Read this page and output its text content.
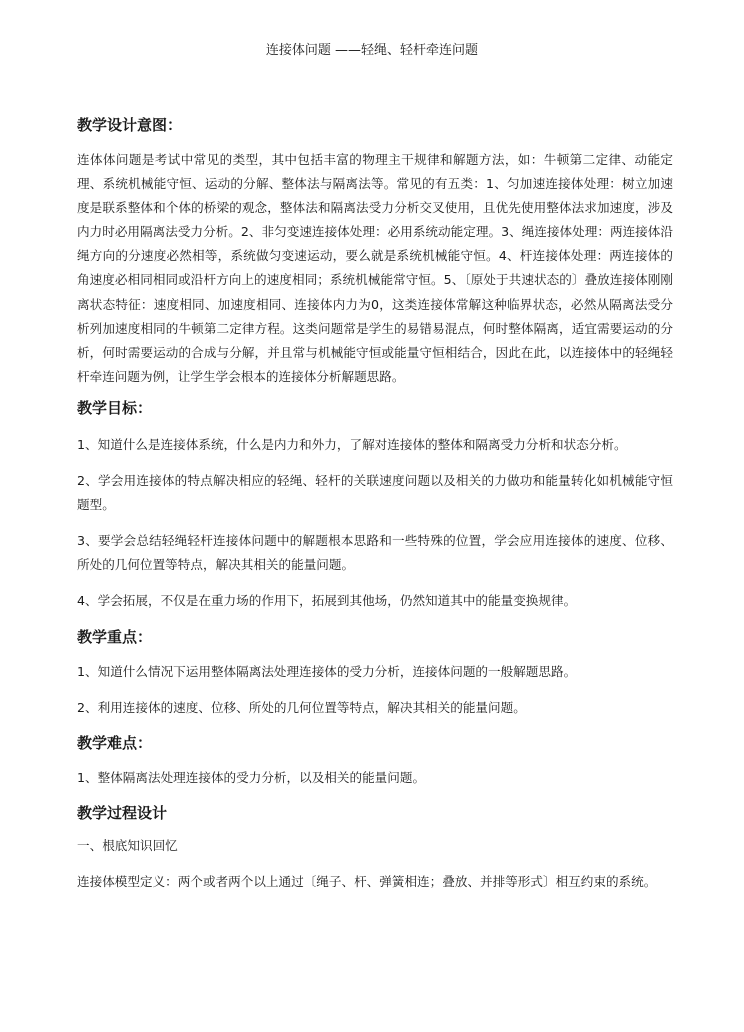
连接体问题 ——轻绳、轻杆牵连问题
教学设计意图：

连体体问题是考试中常见的类型，其中包括丰富的物理主干规律和解题方法，如：牛顿第二定律、动能定理、系统机械能守恒、运动的分解、整体法与隔离法等。常见的有五类：1、匀加速连接体处理：树立加速度是联系整体和个体的桥梁的观念，整体法和隔离法受力分析交叉使用，且优先使用整体法求加速度，涉及内力时必用隔离法受力分析。2、非匀变速连接体处理：必用系统动能定理。3、绳连接体处理：两连接体沿绳方向的分速度必然相等，系统做匀变速运动，要么就是系统机械能守恒。4、杆连接体处理：两连接体的角速度必相同相同或沿杆方向上的速度相同；系统机械能常守恒。5、〔原处于共速状态的〕叠放连接体刚刚离状态特征：速度相同、加速度相同、连接体内力为0，这类连接体常解这种临界状态，必然从隔离法受分析列加速度相同的牛顿第二定律方程。这类问题常是学生的易错易混点，何时整体隔离，适宜需要运动的分析，何时需要运动的合成与分解，并且常与机械能守恒或能量守恒相结合，因此在此，以连接体中的轻绳轻杆牵连问题为例，让学生学会根本的连接体分析解题思路。

教学目标：

1、知道什么是连接体系统，什么是内力和外力，了解对连接体的整体和隔离受力分析和状态分析。

2、学会用连接体的特点解决相应的轻绳、轻杆的关联速度问题以及相关的力做功和能量转化如机械能守恒题型。

3、要学会总结轻绳轻杆连接体问题中的解题根本思路和一些特殊的位置，学会应用连接体的速度、位移、所处的几何位置等特点，解决其相关的能量问题。

4、学会拓展，不仅是在重力场的作用下，拓展到其他场，仍然知道其中的能量变换规律。

教学重点：

1、知道什么情况下运用整体隔离法处理连接体的受力分析，连接体问题的一般解题思路。

2、利用连接体的速度、位移、所处的几何位置等特点，解决其相关的能量问题。

教学难点：

1、整体隔离法处理连接体的受力分析，以及相关的能量问题。

教学过程设计

一、根底知识回忆

连接体模型定义：两个或者两个以上通过〔绳子、杆、弹簧相连；叠放、并排等形式〕相互约束的系统。
